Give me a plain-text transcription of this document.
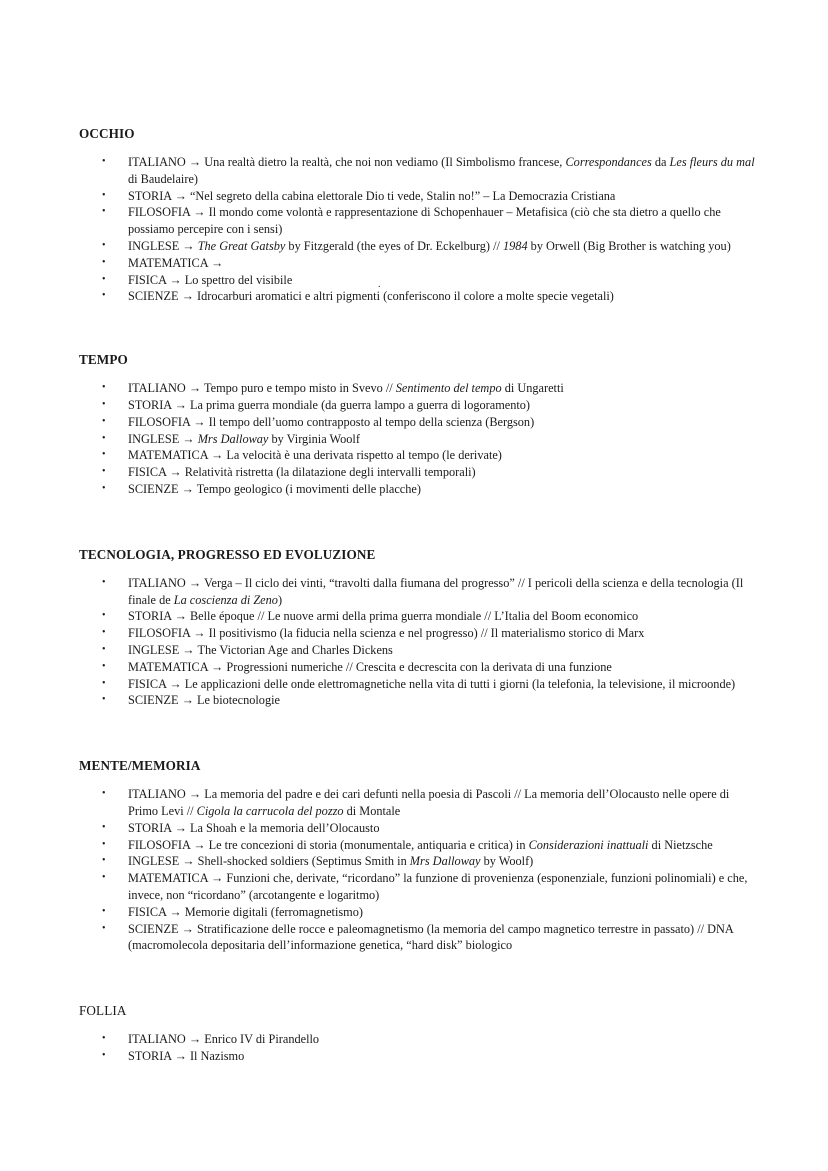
OCCHIO
• ITALIANO → Una realtà dietro la realtà, che noi non vediamo (Il Simbolismo francese, Correspondances da Les fleurs du mal di Baudelaire)
• STORIA → “Nel segreto della cabina elettorale Dio ti vede, Stalin no!” – La Democrazia Cristiana
• FILOSOFIA → Il mondo come volontà e rappresentazione di Schopenhauer – Metafisica (ciò che sta dietro a quello che possiamo percepire con i sensi)
• INGLESE → The Great Gatsby by Fitzgerald (the eyes of Dr. Eckelburg) // 1984 by Orwell (Big Brother is watching you)
• MATEMATICA →
• FISICA → Lo spettro del visibile
• SCIENZE → Idrocarburi aromatici e altri pigmenti (conferiscono il colore a molte specie vegetali)
TEMPO
• ITALIANO → Tempo puro e tempo misto in Svevo // Sentimento del tempo di Ungaretti
• STORIA → La prima guerra mondiale (da guerra lampo a guerra di logoramento)
• FILOSOFIA → Il tempo dell’uomo contrapposto al tempo della scienza (Bergson)
• INGLESE → Mrs Dalloway by Virginia Woolf
• MATEMATICA → La velocità è una derivata rispetto al tempo (le derivate)
• FISICA → Relatività ristretta (la dilatazione degli intervalli temporali)
• SCIENZE → Tempo geologico (i movimenti delle placche)
TECNOLOGIA, PROGRESSO ED EVOLUZIONE
• ITALIANO → Verga – Il ciclo dei vinti, “travolti dalla fiumana del progresso” // I pericoli della scienza e della tecnologia (Il finale de La coscienza di Zeno)
• STORIA → Belle époque // Le nuove armi della prima guerra mondiale // L’Italia del Boom economico
• FILOSOFIA → Il positivismo (la fiducia nella scienza e nel progresso) // Il materialismo storico di Marx
• INGLESE → The Victorian Age and Charles Dickens
• MATEMATICA → Progressioni numeriche // Crescita e decrescita con la derivata di una funzione
• FISICA → Le applicazioni delle onde elettromagnetiche nella vita di tutti i giorni (la telefonia, la televisione, il microonde)
• SCIENZE → Le biotecnologie
MENTE/MEMORIA
• ITALIANO → La memoria del padre e dei cari defunti nella poesia di Pascoli // La memoria dell’Olocausto nelle opere di Primo Levi // Cigola la carrucola del pozzo di Montale
• STORIA → La Shoah e la memoria dell’Olocausto
• FILOSOFIA → Le tre concezioni di storia (monumentale, antiquaria e critica) in Considerazioni inattuali di Nietzsche
• INGLESE → Shell-shocked soldiers (Septimus Smith in Mrs Dalloway by Woolf)
• MATEMATICA → Funzioni che, derivate, “ricordano” la funzione di provenienza (esponenziale, funzioni polinomiali) e che, invece, non “ricordano” (arcotangente e logaritmo)
• FISICA → Memorie digitali (ferromagnetismo)
• SCIENZE → Stratificazione delle rocce e paleomagnetismo (la memoria del campo magnetico terrestre in passato) // DNA (macromolecola depositaria dell’informazione genetica, “hard disk” biologico
FOLLIA
• ITALIANO → Enrico IV di Pirandello
• STORIA → Il Nazismo
.
